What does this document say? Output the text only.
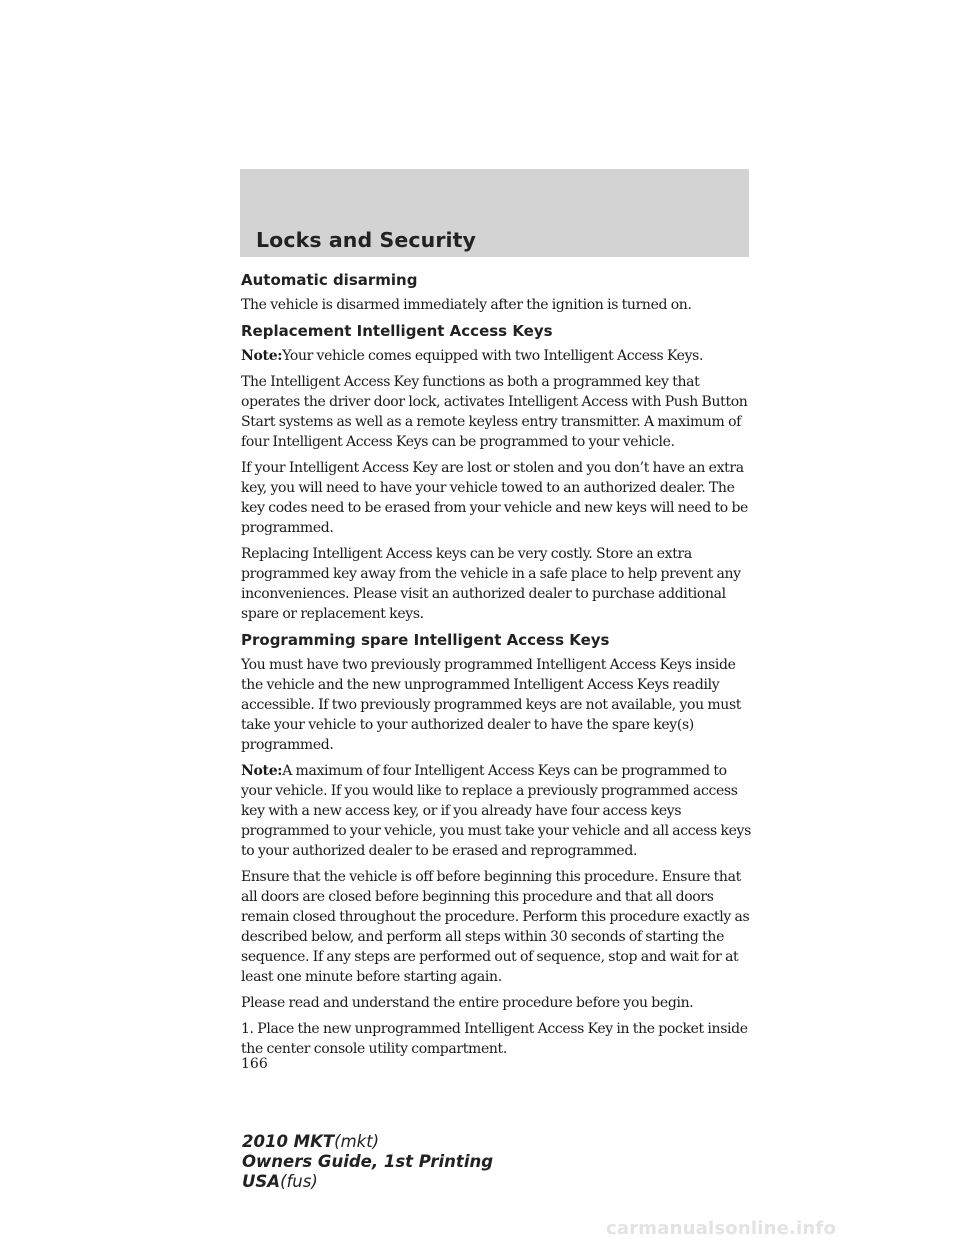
Locks and Security
Automatic disarming
The vehicle is disarmed immediately after the ignition is turned on.
Replacement Intelligent Access Keys
Note:Your vehicle comes equipped with two Intelligent Access Keys.
The Intelligent Access Key functions as both a programmed key that operates the driver door lock, activates Intelligent Access with Push Button Start systems as well as a remote keyless entry transmitter. A maximum of four Intelligent Access Keys can be programmed to your vehicle.
If your Intelligent Access Key are lost or stolen and you don’t have an extra key, you will need to have your vehicle towed to an authorized dealer. The key codes need to be erased from your vehicle and new keys will need to be programmed.
Replacing Intelligent Access keys can be very costly. Store an extra programmed key away from the vehicle in a safe place to help prevent any inconveniences. Please visit an authorized dealer to purchase additional spare or replacement keys.
Programming spare Intelligent Access Keys
You must have two previously programmed Intelligent Access Keys inside the vehicle and the new unprogrammed Intelligent Access Keys readily accessible. If two previously programmed keys are not available, you must take your vehicle to your authorized dealer to have the spare key(s) programmed.
Note:A maximum of four Intelligent Access Keys can be programmed to your vehicle. If you would like to replace a previously programmed access key with a new access key, or if you already have four access keys programmed to your vehicle, you must take your vehicle and all access keys to your authorized dealer to be erased and reprogrammed.
Ensure that the vehicle is off before beginning this procedure. Ensure that all doors are closed before beginning this procedure and that all doors remain closed throughout the procedure. Perform this procedure exactly as described below, and perform all steps within 30 seconds of starting the sequence. If any steps are performed out of sequence, stop and wait for at least one minute before starting again.
Please read and understand the entire procedure before you begin.
1. Place the new unprogrammed Intelligent Access Key in the pocket inside the center console utility compartment.
166
2010 MKT(mkt)
Owners Guide, 1st Printing
USA(fus)
carmanualsonline.info
